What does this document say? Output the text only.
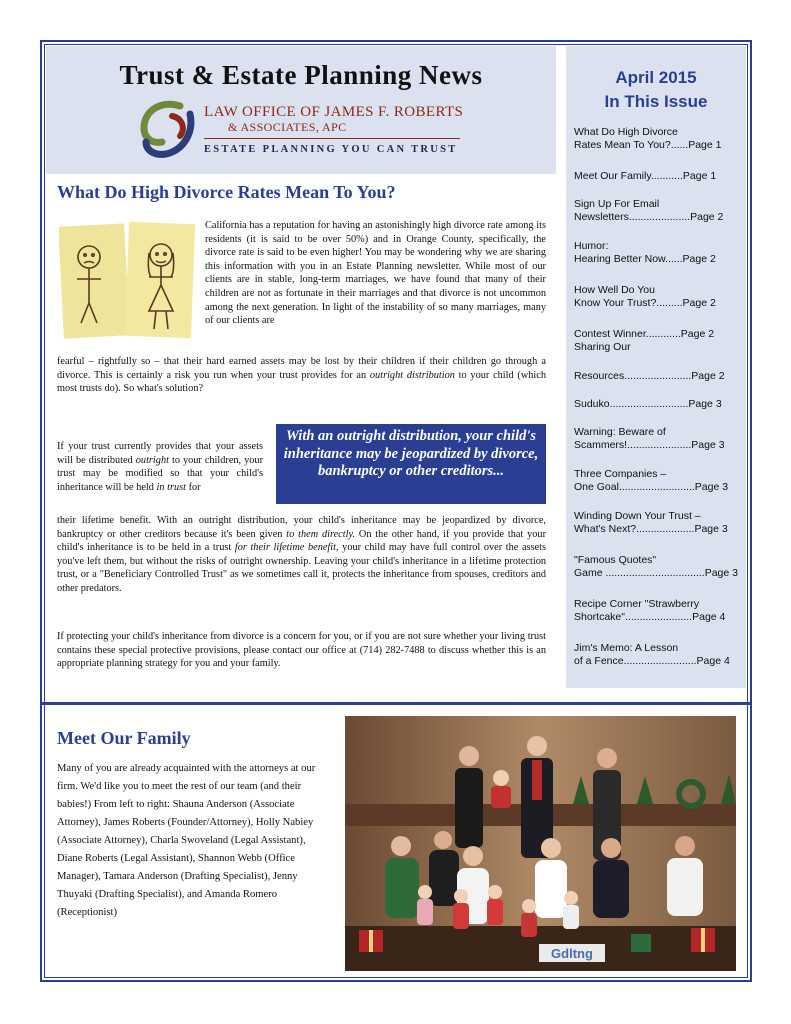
Trust & Estate Planning News
LAW OFFICE OF JAMES F. ROBERTS
& ASSOCIATES, APC
ESTATE PLANNING YOU CAN TRUST
April 2015
In This Issue
What Do High Divorce
Rates Mean To You?......Page 1
Meet Our Family...........Page 1
Sign Up For Email
Newsletters.....................Page 2
Humor:
Hearing Better Now......Page 2
How Well Do You
Know Your Trust?.........Page 2
Contest Winner............Page 2
Sharing Our
Resources.......................Page 2
Suduko...........................Page 3
Warning: Beware of
Scammers!......................Page 3
Three Companies –
One Goal..........................Page 3
Winding Down Your Trust –
What's Next?....................Page 3
"Famous Quotes"
Game ..................................Page 3
Recipe Corner "Strawberry
Shortcake".......................Page 4
Jim's Memo: A Lesson
of a Fence.........................Page 4
What Do High Divorce Rates Mean To You?

California has a reputation for having an astonishingly high divorce rate among its residents (it is said to be over 50%) and in Orange County, specifically, the divorce rate is said to be even higher! You may be wondering why we are sharing this information with you in an Estate Planning newsletter. While most of our clients are in stable, long-term marriages, we have found that many of their children are not as fortunate in their marriages and that divorce is not uncommon among the next generation. In light of the instability of so many marriages, many of our clients are

fearful – rightfully so – that their hard earned assets may be lost by their children if their children go through a divorce. This is certainly a risk you run when your trust provides for an outright distribution to your child (which most trusts do). So what's solution?

If your trust currently provides that your assets will be distributed outright to your children, your trust may be modified so that your child's inheritance will be held in trust for

With an outright distribution, your child's inheritance may be jeopardized by divorce, bankruptcy or other creditors...

their lifetime benefit. With an outright distribution, your child's inheritance may be jeopardized by divorce, bankruptcy or other creditors because it's been given to them directly. On the other hand, if you provide that your child's inheritance is to be held in a trust for their lifetime benefit, your child may have full control over the assets you've left them, but without the risks of outright ownership. Leaving your child's inheritance in a lifetime protection trust, or a "Beneficiary Controlled Trust" as we sometimes call it, protects the inheritance from spouses, creditors and other predators.

If protecting your child's inheritance from divorce is a concern for you, or if you are not sure whether your living trust contains these special protective provisions, please contact our office at (714) 282-7488 to discuss whether this is an appropriate planning strategy for you and your family.

Meet Our Family

Many of you are already acquainted with the attorneys at our firm. We'd like you to meet the rest of our team (and their babies!) From left to right: Shauna Anderson (Associate Attorney), James Roberts (Founder/Attorney), Holly Nabiey (Associate Attorney), Charla Swoveland (Legal Assistant), Diane Roberts (Legal Assistant), Shannon Webb (Office Manager), Tamara Anderson (Drafting Specialist), Jenny Thuyaki (Drafting Specialist), and Amanda Romero (Receptionist)

Gdltng
